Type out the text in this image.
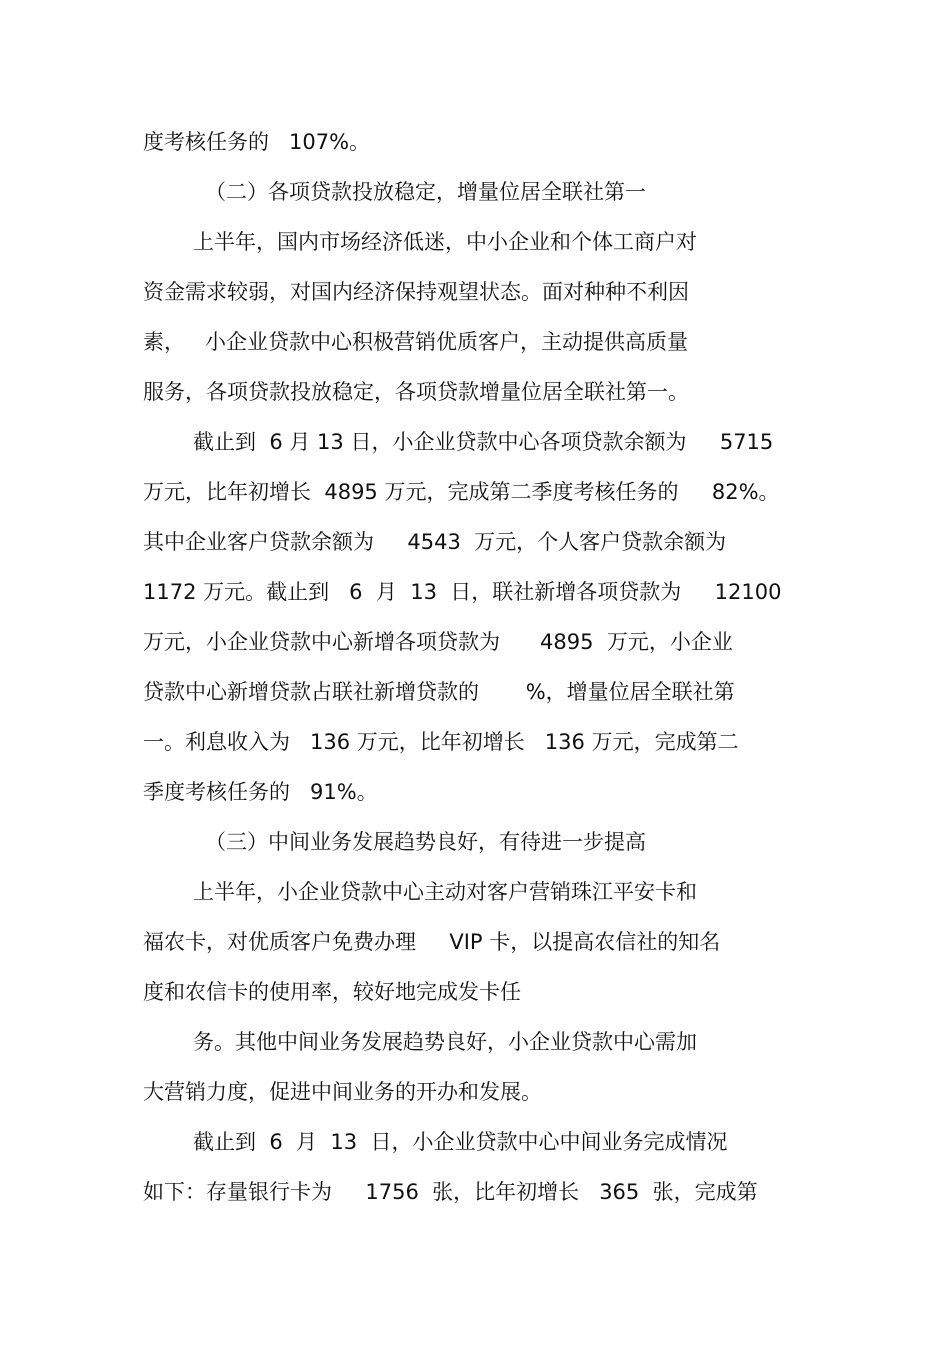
度考核任务的   107%。
（二）各项贷款投放稳定，增量位居全联社第一
上半年，国内市场经济低迷，中小企业和个体工商户对
资金需求较弱，对国内经济保持观望状态。面对种种不利因
素，   小企业贷款中心积极营销优质客户，主动提供高质量
服务，各项贷款投放稳定，各项贷款增量位居全联社第一。
截止到  6 月 13 日，小企业贷款中心各项贷款余额为     5715
万元，比年初增长  4895 万元，完成第二季度考核任务的     82%。
其中企业客户贷款余额为     4543  万元，个人客户贷款余额为
1172 万元。截止到   6  月  13  日，联社新增各项贷款为     12100
万元，小企业贷款中心新增各项贷款为      4895  万元，小企业
贷款中心新增贷款占联社新增贷款的       %，增量位居全联社第
一。利息收入为   136 万元，比年初增长   136 万元，完成第二
季度考核任务的   91%。
（三）中间业务发展趋势良好，有待进一步提高
上半年，小企业贷款中心主动对客户营销珠江平安卡和
福农卡，对优质客户免费办理     VIP 卡，以提高农信社的知名
度和农信卡的使用率，较好地完成发卡任
务。其他中间业务发展趋势良好，小企业贷款中心需加
大营销力度，促进中间业务的开办和发展。
截止到  6  月  13  日，小企业贷款中心中间业务完成情况
如下：存量银行卡为     1756  张，比年初增长   365  张，完成第
